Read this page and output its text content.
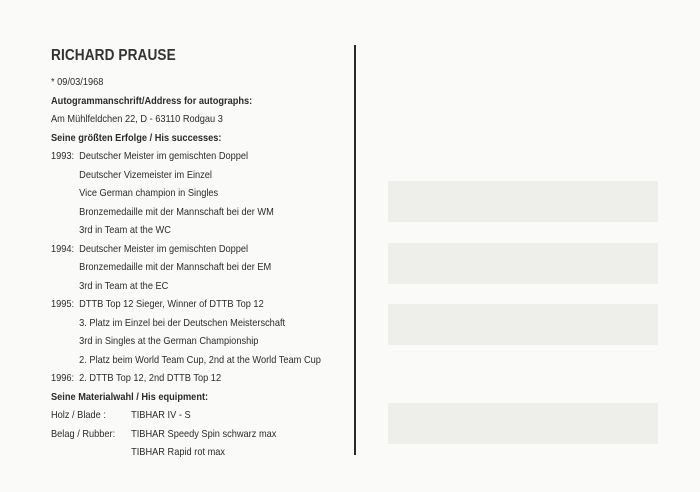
RICHARD PRAUSE
* 09/03/1968
Autogrammanschrift/Address for autographs:
Am Mühlfeldchen 22, D - 63110 Rodgau 3
Seine größten Erfolge / His successes:
1993: Deutscher Meister im gemischten Doppel
Deutscher Vizemeister im Einzel
Vice German champion in Singles
Bronzemedaille mit der Mannschaft bei der WM
3rd in Team at the WC
1994: Deutscher Meister im gemischten Doppel
Bronzemedaille mit der Mannschaft bei der EM
3rd in Team at the EC
1995: DTTB Top 12 Sieger, Winner of DTTB Top 12
3. Platz im Einzel bei der Deutschen Meisterschaft
3rd in Singles at the German Championship
2. Platz beim World Team Cup, 2nd at the World Team Cup
1996: 2. DTTB Top 12, 2nd DTTB Top 12
Seine Materialwahl / His equipment:
Holz / Blade :	TIBHAR IV - S
Belag / Rubber:	TIBHAR Speedy Spin schwarz max
TIBHAR Rapid rot max
